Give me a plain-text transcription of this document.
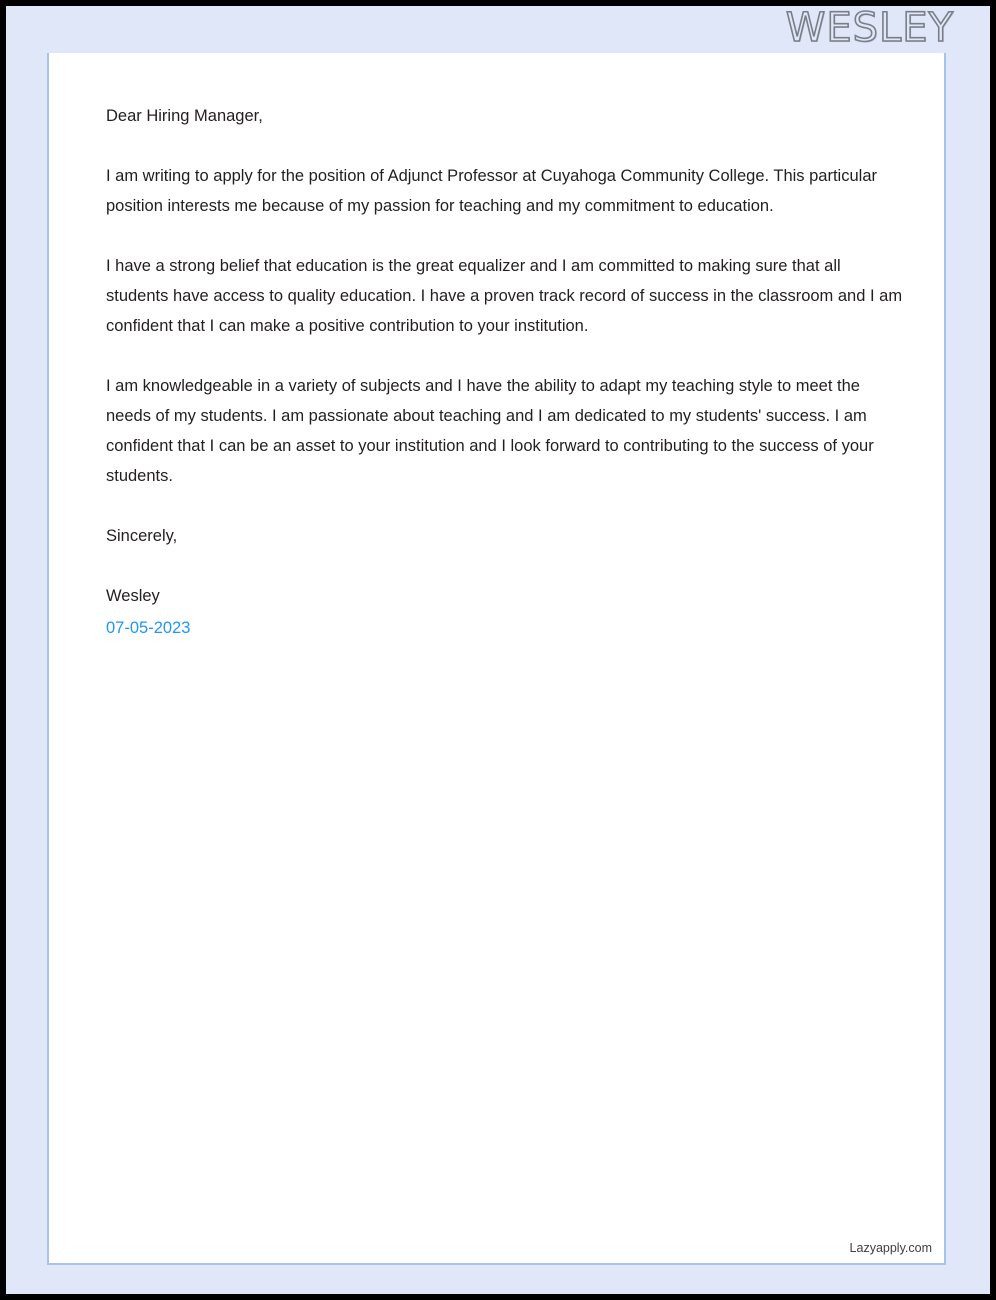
WESLEY

Dear Hiring Manager,

I am writing to apply for the position of Adjunct Professor at Cuyahoga Community College. This particular position interests me because of my passion for teaching and my commitment to education.

I have a strong belief that education is the great equalizer and I am committed to making sure that all students have access to quality education. I have a proven track record of success in the classroom and I am confident that I can make a positive contribution to your institution.

I am knowledgeable in a variety of subjects and I have the ability to adapt my teaching style to meet the needs of my students. I am passionate about teaching and I am dedicated to my students' success. I am confident that I can be an asset to your institution and I look forward to contributing to the success of your students.

Sincerely,

Wesley

07-05-2023

Lazyapply.com
